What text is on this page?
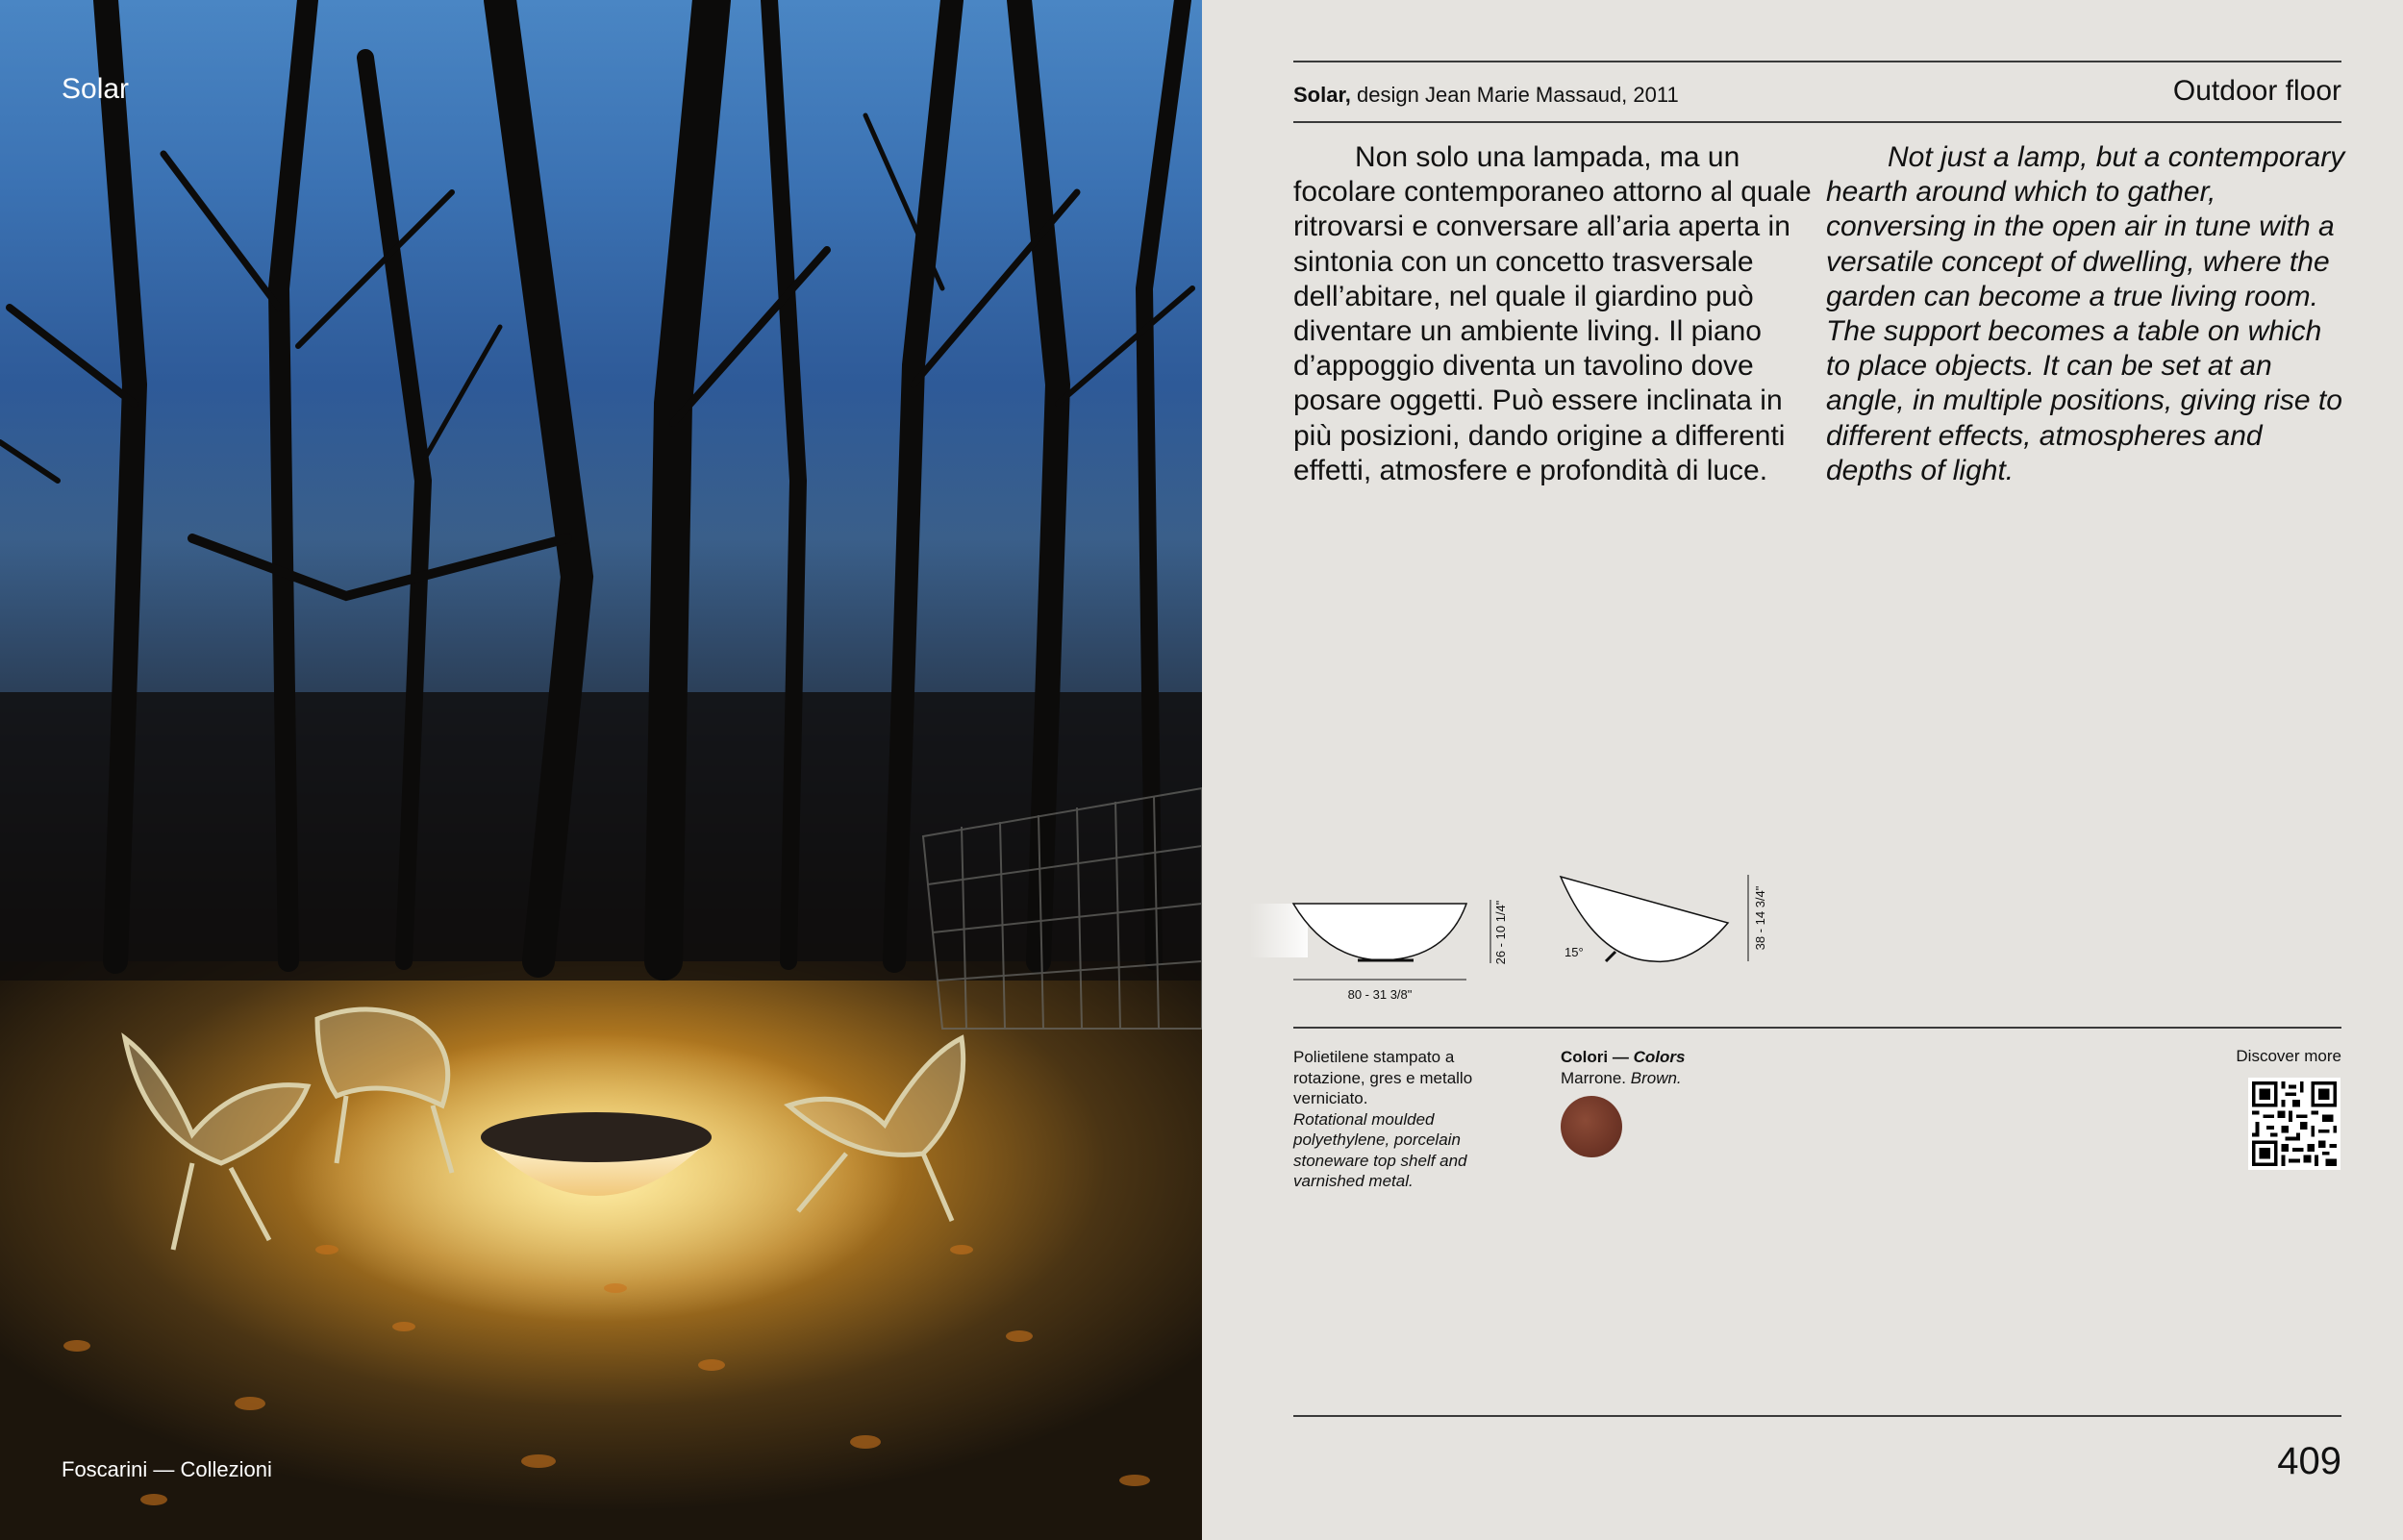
Solar
Foscarini — Collezioni
Solar, design Jean Marie Massaud, 2011	Outdoor floor

Non solo una lampada, ma un focolare contemporaneo attorno al quale ritrovarsi e conversare all’aria aperta in sintonia con un concetto trasversale dell’abitare, nel quale il giardino può diventare un ambiente living. Il piano d’appoggio diventa un tavolino dove posare oggetti. Può essere inclinata in più posizioni, dando origine a differenti effetti, atmosfere e profondità di luce.

Not just a lamp, but a contemporary hearth around which to gather, conversing in the open air in tune with a versatile concept of dwelling, where the garden can become a true living room. The support becomes a table on which to place objects. It can be set at an angle, in multiple positions, giving rise to different effects, atmospheres and depths of light.

80 - 31 3/8"
26 - 10 1/4"	15°
38 - 14 3/4"
Polietilene stampato a rotazione, gres e metallo verniciato.
Rotational moulded polyethylene, porcelain stoneware top shelf and varnished metal.
Colori — Colors
Marrone. Brown.
Discover more
409
